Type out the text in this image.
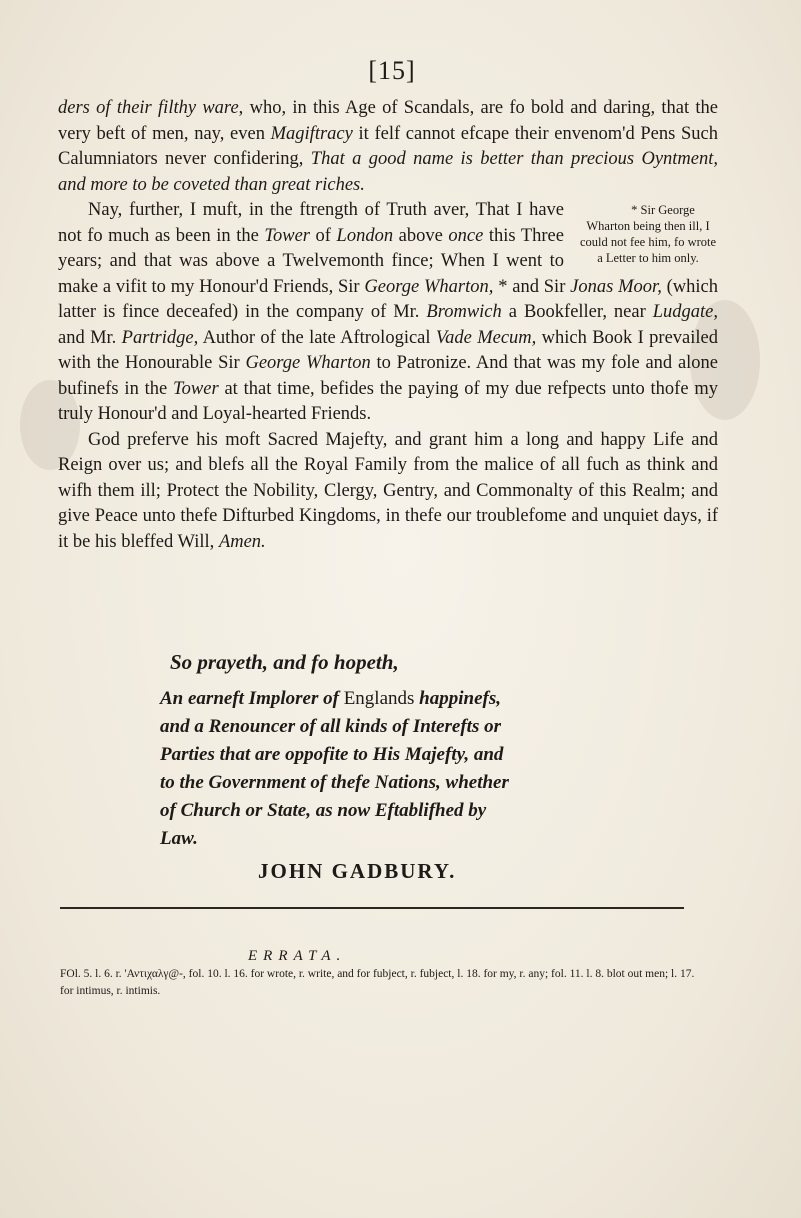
[15]

ders of their filthy ware, who, in this Age of Scandals, are fo bold and daring, that the very beft of men, nay, even Magiftracy it felf cannot efcape their envenom'd Pens Such Calumniators never confidering, That a good name is better than precious Oyntment, and more to be coveted than great riches.

* Sir George Wharton being then ill, I could not fee him, fo wrote a Letter to him only.
Nay, further, I muft, in the ftrength of Truth aver, That I have not fo much as been in the Tower of London above once this Three years; and that was above a Twelvemonth fince; When I went to make a vifit to my Honour'd Friends, Sir George Wharton, * and Sir Jonas Moor, (which latter is fince deceafed) in the company of Mr. Bromwich a Bookfeller, near Ludgate, and Mr. Partridge, Author of the late Aftrological Vade Mecum, which Book I prevailed with the Honourable Sir George Wharton to Patronize. And that was my fole and alone bufinefs in the Tower at that time, befides the paying of my due refpects unto thofe my truly Honour'd and Loyal-hearted Friends.

God preferve his moft Sacred Majefty, and grant him a long and happy Life and Reign over us; and blefs all the Royal Family from the malice of all fuch as think and wifh them ill; Protect the Nobility, Clergy, Gentry, and Commonalty of this Realm; and give Peace unto thefe Difturbed Kingdoms, in thefe our troublefome and unquiet days, if it be his bleffed Will, Amen.

So prayeth, and fo hopeth,
An earneft Implorer of Englands happinefs, and a Renouncer of all kinds of Interefts or Parties that are oppofite to His Majefty, and to the Government of thefe Nations, whether of Church or State, as now Eftablifhed by Law.
JOHN GADBURY.
ERRATA.
FOl. 5. l. 6. r. 'Αντιχαλγ@-, fol. 10. l. 16. for wrote, r. write, and for fubject, r. fubject, l. 18. for my, r. any; fol. 11. l. 8. blot out men; l. 17. for intimus, r. intimis.
